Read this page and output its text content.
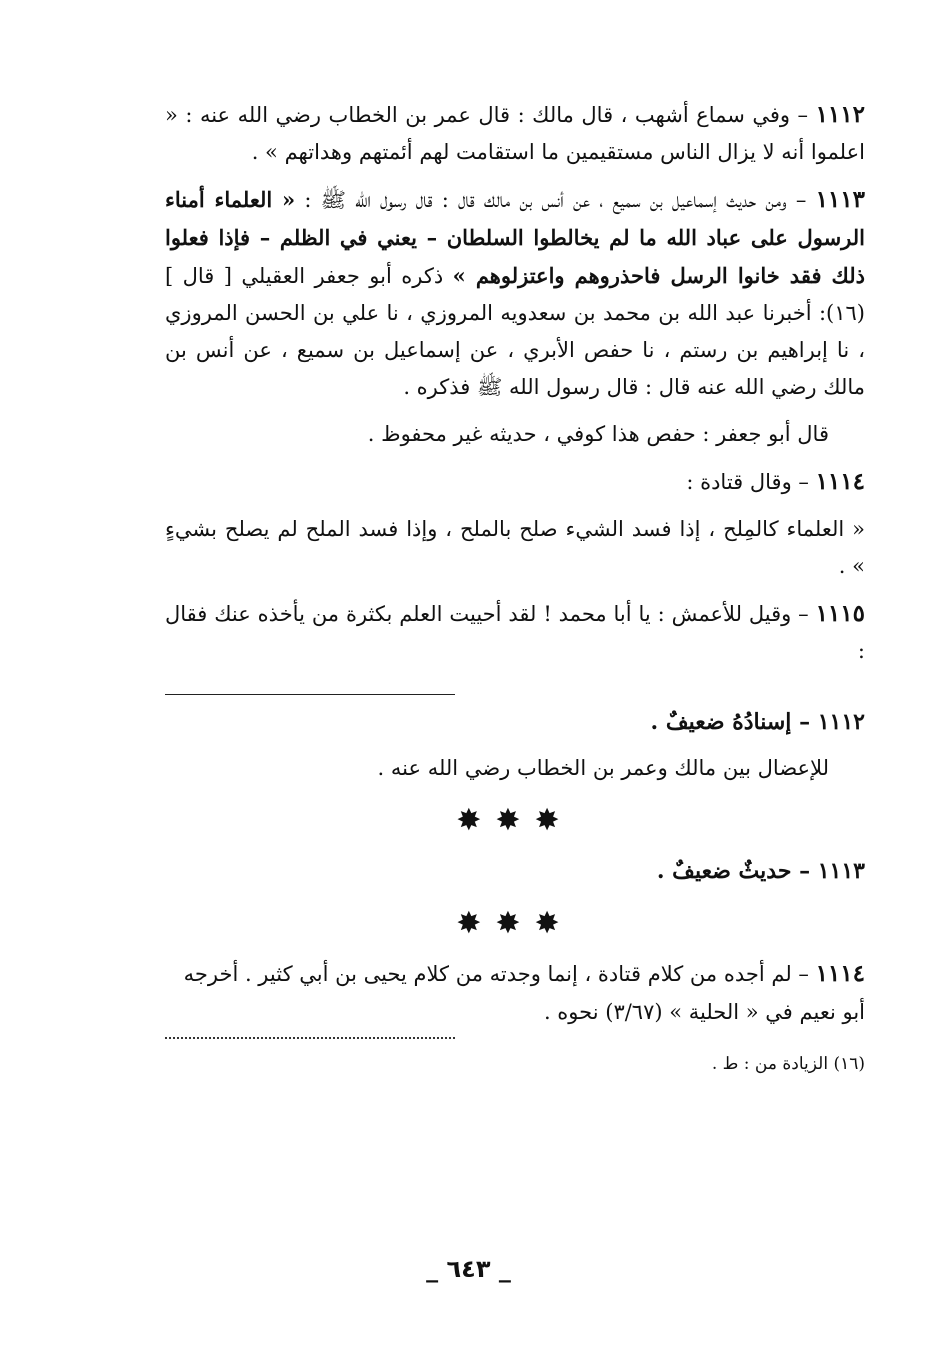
١١١٢ – وفي سماع أشهب ، قال مالك : قال عمر بن الخطاب رضي الله عنه : « اعلموا أنه لا يزال الناس مستقيمين ما استقامت لهم أئمتهم وهداتهم » .

١١١٣ – ومن حديث إسماعيل بن سميع ، عن أنس بن مالك قال : قال رسول الله ﷺ : « العلماء أمناء الرسول على عباد الله ما لم يخالطوا السلطان – يعني في الظلم – فإذا فعلوا ذلك فقد خانوا الرسل فاحذروهم واعتزلوهم » ذكره أبو جعفر العقيلي [ قال ](١٦): أخبرنا عبد الله بن محمد بن سعدويه المروزي ، نا علي بن الحسن المروزي ، نا إبراهيم بن رستم ، نا حفص الأبري ، عن إسماعيل بن سميع ، عن أنس بن مالك رضي الله عنه قال : قال رسول الله ﷺ فذكره .

قال أبو جعفر : حفص هذا كوفي ، حديثه غير محفوظ .

١١١٤ – وقال قتادة :

« العلماء كالمِلح ، إذا فسد الشيء صلح بالملح ، وإذا فسد الملح لم يصلح بشيءٍ » .

١١١٥ – وقيل للأعمش : يا أبا محمد ! لقد أحييت العلم بكثرة من يأخذه عنك فقال :

١١١٢ – إسنادُهُ ضعيفٌ .

للإعضال بين مالك وعمر بن الخطاب رضي الله عنه .

✸✸✸

١١١٣ – حديثٌ ضعيفٌ .

✸✸✸

١١١٤ – لم أجده من كلام قتادة ، إنما وجدته من كلام يحيى بن أبي كثير . أخرجه أبو نعيم في « الحلية » (٣/٦٧) نحوه .

(١٦) الزيادة من : ط .
_ ٦٤٣ _
